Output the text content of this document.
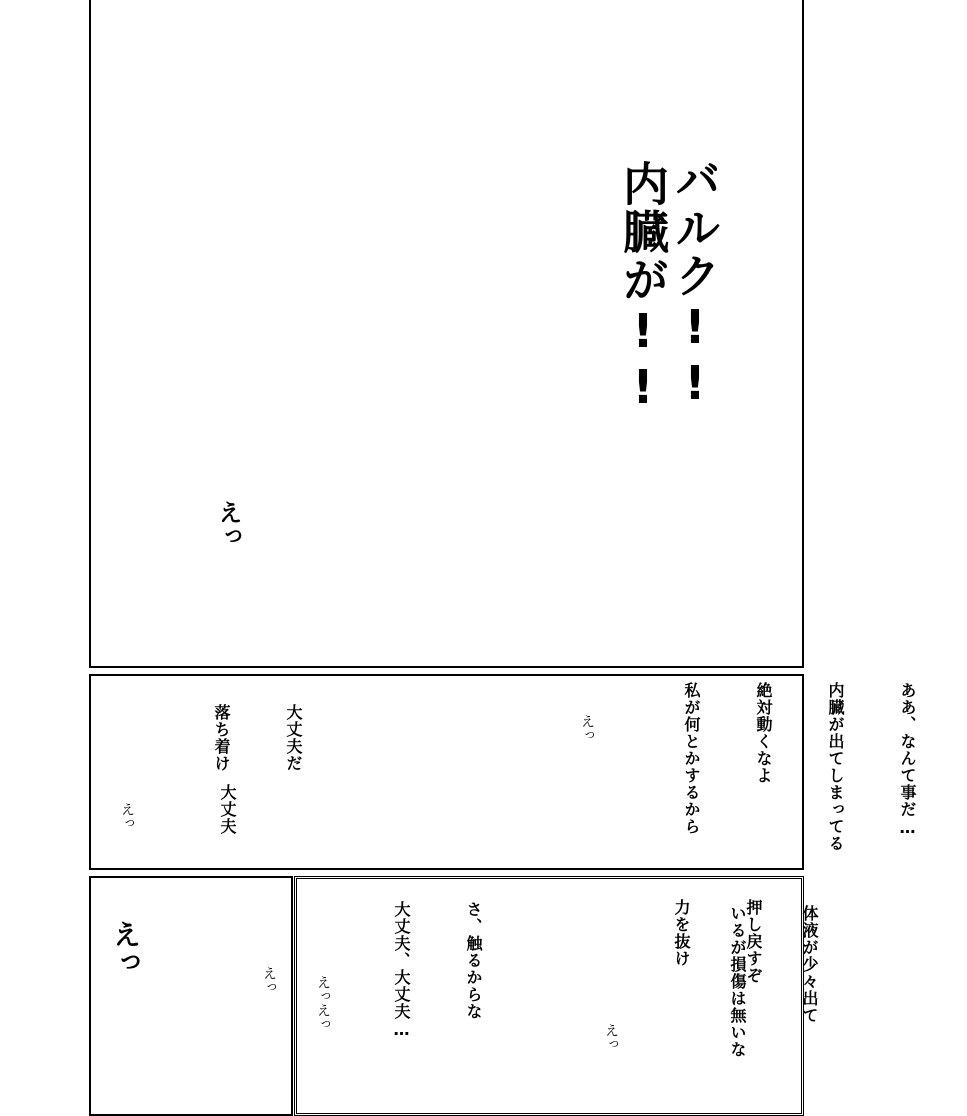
バルク!!
内臓が!!
えっ

ああ、なんて事だ…

内臓が出てしまってる

絶対動くなよ

私が何とかするから

えっ

大丈夫だ

落ち着け

大丈夫
えっ
えっ
えっ

	体液が少々出て

いるが損傷は無いな

押し戻すぞ

力を抜け

えっ

さ、触るからな

大丈夫、大丈夫…

えっえっ
